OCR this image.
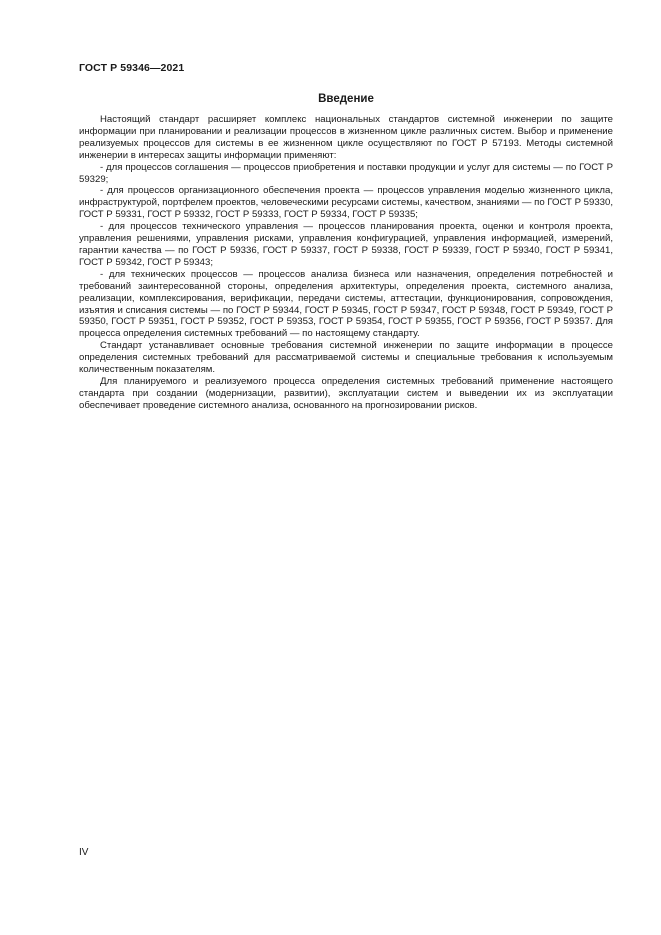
ГОСТ Р 59346—2021

Введение

Настоящий стандарт расширяет комплекс национальных стандартов системной инженерии по защите информации при планировании и реализации процессов в жизненном цикле различных систем. Выбор и применение реализуемых процессов для системы в ее жизненном цикле осуществляют по ГОСТ Р 57193. Методы системной инженерии в интересах защиты информации применяют:

- для процессов соглашения — процессов приобретения и поставки продукции и услуг для системы — по ГОСТ Р 59329;

- для процессов организационного обеспечения проекта — процессов управления моделью жизненного цикла, инфраструктурой, портфелем проектов, человеческими ресурсами системы, качеством, знаниями — по ГОСТ Р 59330, ГОСТ Р 59331, ГОСТ Р 59332, ГОСТ Р 59333, ГОСТ Р 59334, ГОСТ Р 59335;

- для процессов технического управления — процессов планирования проекта, оценки и контроля проекта, управления решениями, управления рисками, управления конфигурацией, управления информацией, измерений, гарантии качества — по ГОСТ Р 59336, ГОСТ Р 59337, ГОСТ Р 59338, ГОСТ Р 59339, ГОСТ Р 59340, ГОСТ Р 59341, ГОСТ Р 59342, ГОСТ Р 59343;

- для технических процессов — процессов анализа бизнеса или назначения, определения потребностей и требований заинтересованной стороны, определения архитектуры, определения проекта, системного анализа, реализации, комплексирования, верификации, передачи системы, аттестации, функционирования, сопровождения, изъятия и списания системы — по ГОСТ Р 59344, ГОСТ Р 59345, ГОСТ Р 59347, ГОСТ Р 59348, ГОСТ Р 59349, ГОСТ Р 59350, ГОСТ Р 59351, ГОСТ Р 59352, ГОСТ Р 59353, ГОСТ Р 59354, ГОСТ Р 59355, ГОСТ Р 59356, ГОСТ Р 59357. Для процесса определения системных требований — по настоящему стандарту.

Стандарт устанавливает основные требования системной инженерии по защите информации в процессе определения системных требований для рассматриваемой системы и специальные требования к используемым количественным показателям.

Для планируемого и реализуемого процесса определения системных требований применение настоящего стандарта при создании (модернизации, развитии), эксплуатации систем и выведении их из эксплуатации обеспечивает проведение системного анализа, основанного на прогнозировании рисков.

IV
